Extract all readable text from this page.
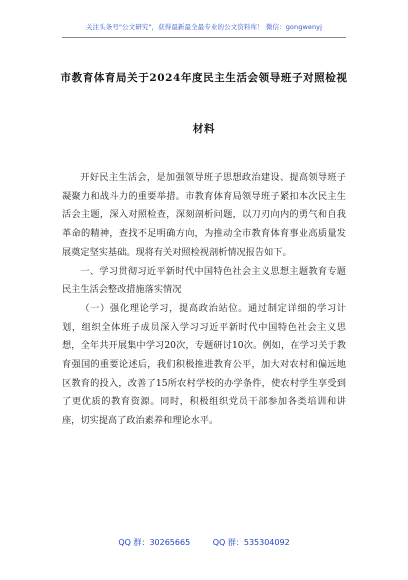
关注头条号"公文研究"，获得最新最全最专业的公文资料库！ 微信：gongwenyj
市教育体育局关于2024年度民主生活会领导班子对照检视
材料

开好民主生活会，是加强领导班子思想政治建设、提高领导班子凝聚力和战斗力的重要举措。市教育体育局领导班子紧扣本次民主生活会主题，深入对照检查，深刻剖析问题，以刀刃向内的勇气和自我革命的精神，查找不足明确方向，为推动全市教育体育事业高质量发展奠定坚实基础。现将有关对照检视剖析情况报告如下。

一、学习贯彻习近平新时代中国特色社会主义思想主题教育专题民主生活会整改措施落实情况

（一）强化理论学习，提高政治站位。通过制定详细的学习计划，组织全体班子成员深入学习习近平新时代中国特色社会主义思想，全年共开展集中学习20次，专题研讨10次。例如，在学习关于教育强国的重要论述后，我们积极推进教育公平，加大对农村和偏远地区教育的投入，改善了15所农村学校的办学条件，使农村学生享受到了更优质的教育资源。同时，积极组织党员干部参加各类培训和讲座，切实提高了政治素养和理论水平。

QQ 群：30265665	QQ 群：535304092
